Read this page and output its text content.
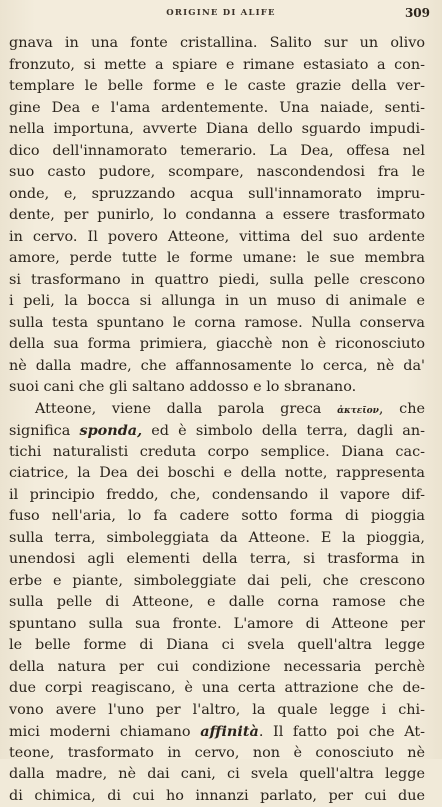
ORIGINE DI ALIFE	309
gnava in una fonte cristallina. Salito sur un olivo
fronzuto, si mette a spiare e rimane estasiato a con-
templare le belle forme e le caste grazie della ver-
gine Dea e l'ama ardentemente. Una naiade, senti-
nella importuna, avverte Diana dello sguardo impudi-
dico dell'innamorato temerario. La Dea, offesa nel
suo casto pudore, scompare, nascondendosi fra le
onde, e, spruzzando acqua sull'innamorato impru-
dente, per punirlo, lo condanna a essere trasformato
in cervo. Il povero Atteone, vittima del suo ardente
amore, perde tutte le forme umane: le sue membra
si trasformano in quattro piedi, sulla pelle crescono
i peli, la bocca si allunga in un muso di animale e
sulla testa spuntano le corna ramose. Nulla conserva
della sua forma primiera, giacchè non è riconosciuto
nè dalla madre, che affannosamente lo cerca, nè da'
suoi cani che gli saltano addosso e lo sbranano.
Atteone, viene dalla parola greca ἀκτεῖον, che
significa sponda, ed è simbolo della terra, dagli an-
tichi naturalisti creduta corpo semplice. Diana cac-
ciatrice, la Dea dei boschi e della notte, rappresenta
il principio freddo, che, condensando il vapore dif-
fuso nell'aria, lo fa cadere sotto forma di pioggia
sulla terra, simboleggiata da Atteone. E la pioggia,
unendosi agli elementi della terra, si trasforma in
erbe e piante, simboleggiate dai peli, che crescono
sulla pelle di Atteone, e dalle corna ramose che
spuntano sulla sua fronte. L'amore di Atteone per
le belle forme di Diana ci svela quell'altra legge
della natura per cui condizione necessaria perchè
due corpi reagiscano, è una certa attrazione che de-
vono avere l'uno per l'altro, la quale legge i chi-
mici moderni chiamano affinità. Il fatto poi che At-
teone, trasformato in cervo, non è conosciuto nè
dalla madre, nè dai cani, ci svela quell'altra legge
di chimica, di cui ho innanzi parlato, per cui due
